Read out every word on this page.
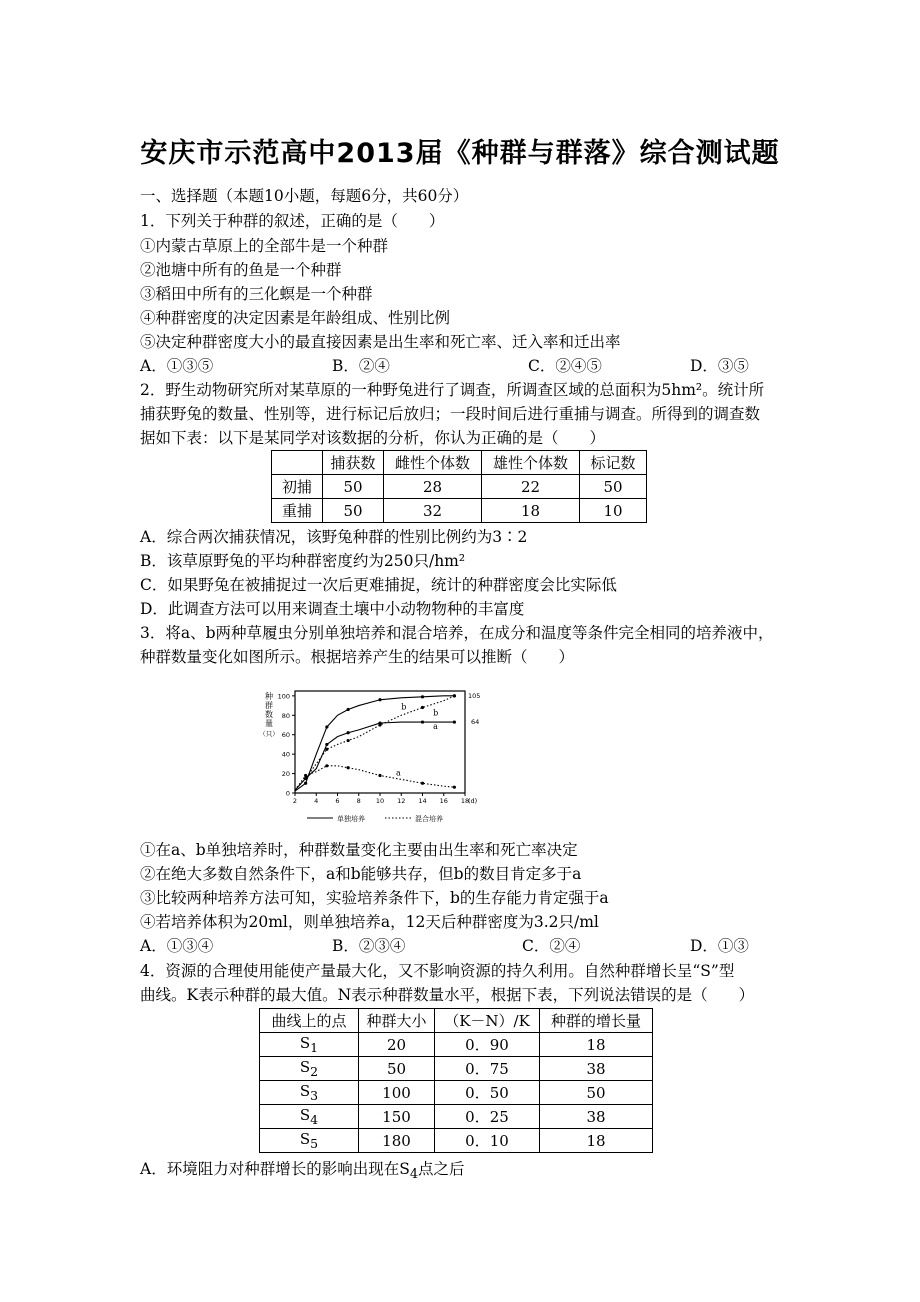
安庆市示范高中2013届《种群与群落》综合测试题
一、选择题（本题10小题，每题6分，共60分）
1．下列关于种群的叙述，正确的是（　　）
①内蒙古草原上的全部牛是一个种群
②池塘中所有的鱼是一个种群
③稻田中所有的三化螟是一个种群
④种群密度的决定因素是年龄组成、性别比例
⑤决定种群密度大小的最直接因素是出生率和死亡率、迁入率和迁出率
A．①③⑤	B．②④	C．②④⑤	D．③⑤
2．野生动物研究所对某草原的一种野兔进行了调查，所调查区域的总面积为5hm²。统计所
捕获野兔的数量、性别等，进行标记后放归；一段时间后进行重捕与调查。所得到的调查数
据如下表：以下是某同学对该数据的分析，你认为正确的是（　　）
	捕获数	雌性个体数	雄性个体数	标记数
初捕	50	28	22	50
重捕	50	32	18	10
A．综合两次捕获情况，该野兔种群的性别比例约为3∶2
B．该草原野兔的平均种群密度约为250只/hm²
C．如果野兔在被捕捉过一次后更难捕捉，统计的种群密度会比实际低
D．此调查方法可以用来调查土壤中小动物物种的丰富度
3．将a、b两种草履虫分别单独培养和混合培养，在成分和温度等条件完全相同的培养液中，
种群数量变化如图所示。根据培养产生的结果可以推断（　　）
0
20
40
60
80
100
2	4	6	8 10 12 14 16 18
(d)
种
群
数
量
（只）
b
b
a
a
105
64
单独培养	混合培养
①在a、b单独培养时，种群数量变化主要由出生率和死亡率决定
②在绝大多数自然条件下，a和b能够共存，但b的数目肯定多于a
③比较两种培养方法可知，实验培养条件下，b的生存能力肯定强于a
④若培养体积为20ml，则单独培养a，12天后种群密度为3.2只/ml
A．①③④	B．②③④	C．②④	D．①③
4．资源的合理使用能使产量最大化，又不影响资源的持久利用。自然种群增长呈“S”型
曲线。K表示种群的最大值。N表示种群数量水平，根据下表，下列说法错误的是（　　）
曲线上的点	种群大小	（K－N）/K	种群的增长量
$S_1$	20	0．90	18
$S_2$	50	0．75	38
$S_3$	100	0．50	50
$S_4$	150	0．25	38
$S_5$	180	0．10	18
A．环境阻力对种群增长的影响出现在$S_4$点之后
